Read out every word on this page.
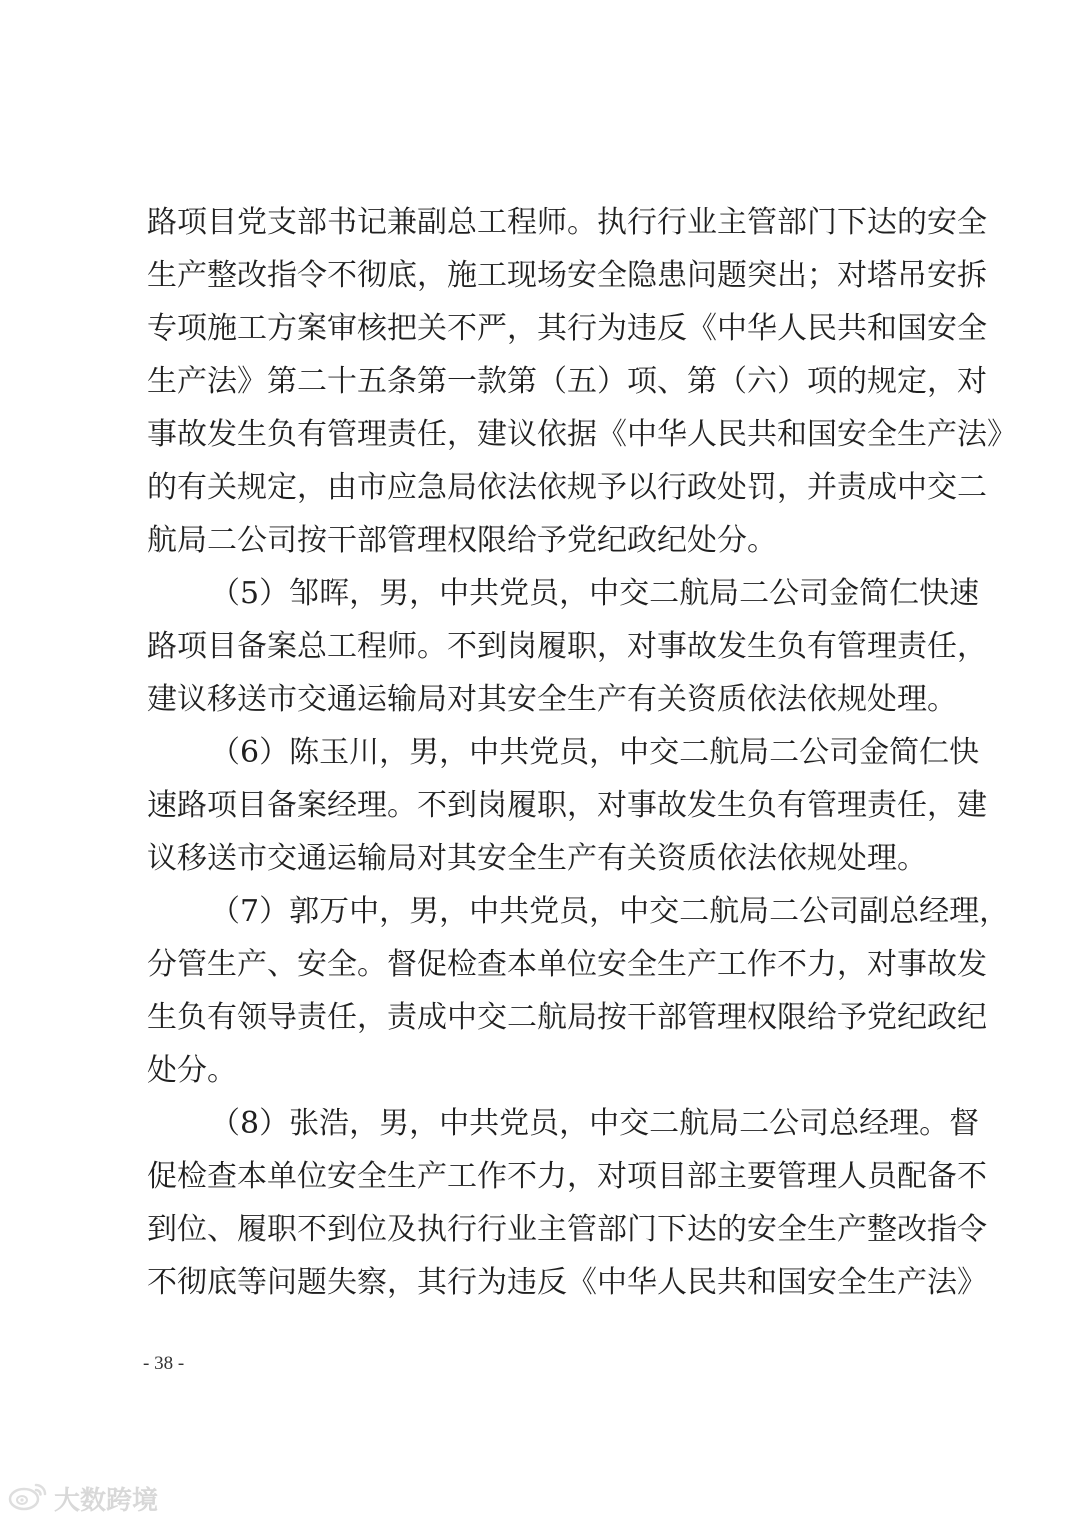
路项目党支部书记兼副总工程师。执行行业主管部门下达的安全
生产整改指令不彻底，施工现场安全隐患问题突出；对塔吊安拆
专项施工方案审核把关不严，其行为违反《中华人民共和国安全
生产法》第二十五条第一款第（五）项、第（六）项的规定，对
事故发生负有管理责任，建议依据《中华人民共和国安全生产法》
的有关规定，由市应急局依法依规予以行政处罚，并责成中交二
航局二公司按干部管理权限给予党纪政纪处分。
（5）邹晖，男，中共党员，中交二航局二公司金简仁快速
路项目备案总工程师。不到岗履职，对事故发生负有管理责任，
建议移送市交通运输局对其安全生产有关资质依法依规处理。
（6）陈玉川，男，中共党员，中交二航局二公司金简仁快
速路项目备案经理。不到岗履职，对事故发生负有管理责任，建
议移送市交通运输局对其安全生产有关资质依法依规处理。
（7）郭万中，男，中共党员，中交二航局二公司副总经理，
分管生产、安全。督促检查本单位安全生产工作不力，对事故发
生负有领导责任，责成中交二航局按干部管理权限给予党纪政纪
处分。
（8）张浩，男，中共党员，中交二航局二公司总经理。督
促检查本单位安全生产工作不力，对项目部主要管理人员配备不
到位、履职不到位及执行行业主管部门下达的安全生产整改指令
不彻底等问题失察，其行为违反《中华人民共和国安全生产法》
- 38 -
大数跨境
